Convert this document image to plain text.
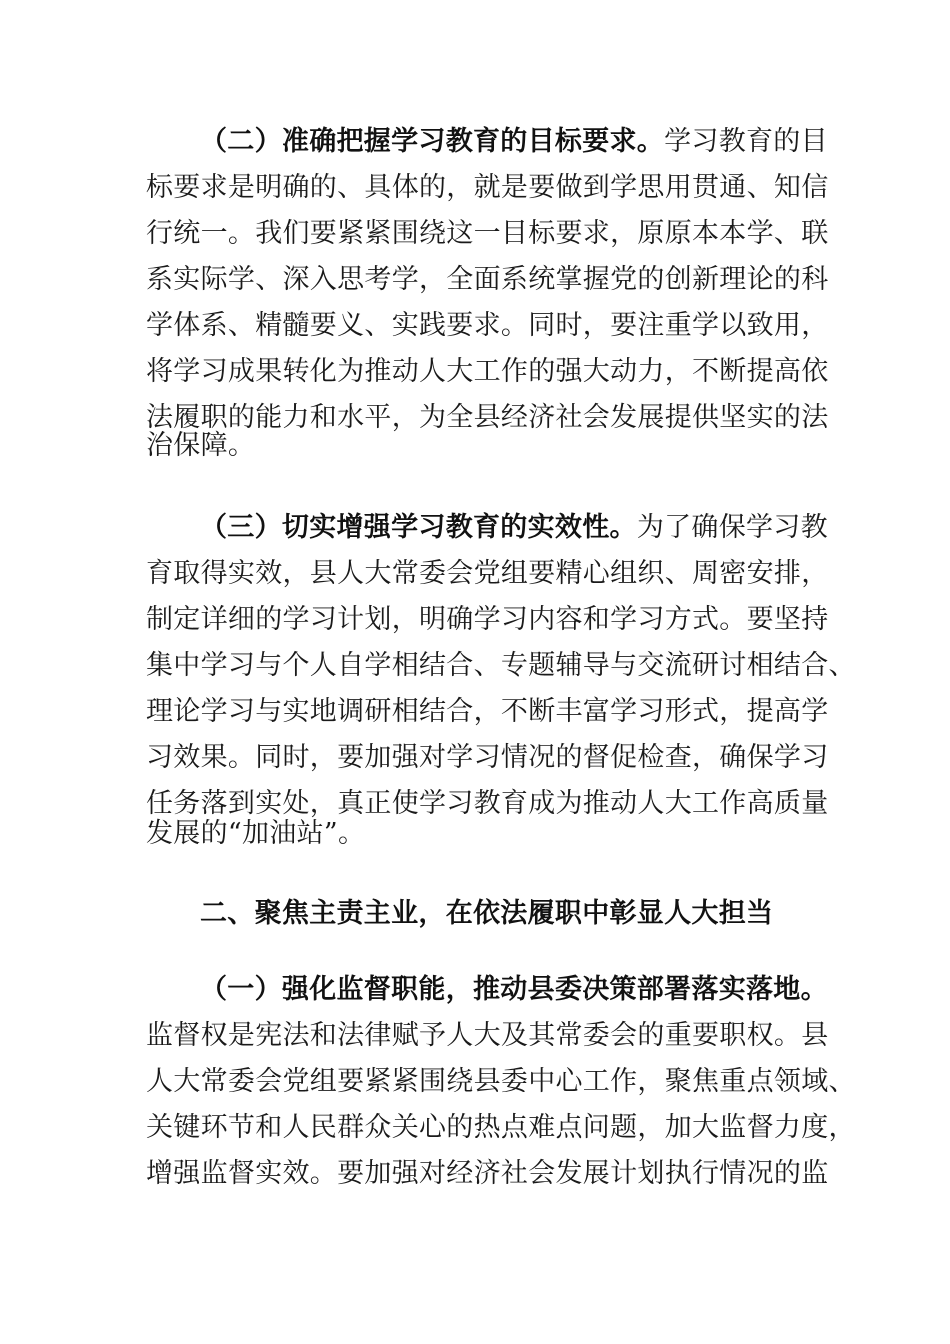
（二）准确把握学习教育的目标要求。学习教育的目
标要求是明确的、具体的，就是要做到学思用贯通、知信
行统一。我们要紧紧围绕这一目标要求，原原本本学、联
系实际学、深入思考学，全面系统掌握党的创新理论的科
学体系、精髓要义、实践要求。同时，要注重学以致用，
将学习成果转化为推动人大工作的强大动力，不断提高依
法履职的能力和水平，为全县经济社会发展提供坚实的法
治保障。
（三）切实增强学习教育的实效性。为了确保学习教
育取得实效，县人大常委会党组要精心组织、周密安排，
制定详细的学习计划，明确学习内容和学习方式。要坚持
集中学习与个人自学相结合、专题辅导与交流研讨相结合、
理论学习与实地调研相结合，不断丰富学习形式，提高学
习效果。同时，要加强对学习情况的督促检查，确保学习
任务落到实处，真正使学习教育成为推动人大工作高质量
发展的“加油站”。
二、聚焦主责主业，在依法履职中彰显人大担当
（一）强化监督职能，推动县委决策部署落实落地。
监督权是宪法和法律赋予人大及其常委会的重要职权。县
人大常委会党组要紧紧围绕县委中心工作，聚焦重点领域、
关键环节和人民群众关心的热点难点问题，加大监督力度，
增强监督实效。要加强对经济社会发展计划执行情况的监
